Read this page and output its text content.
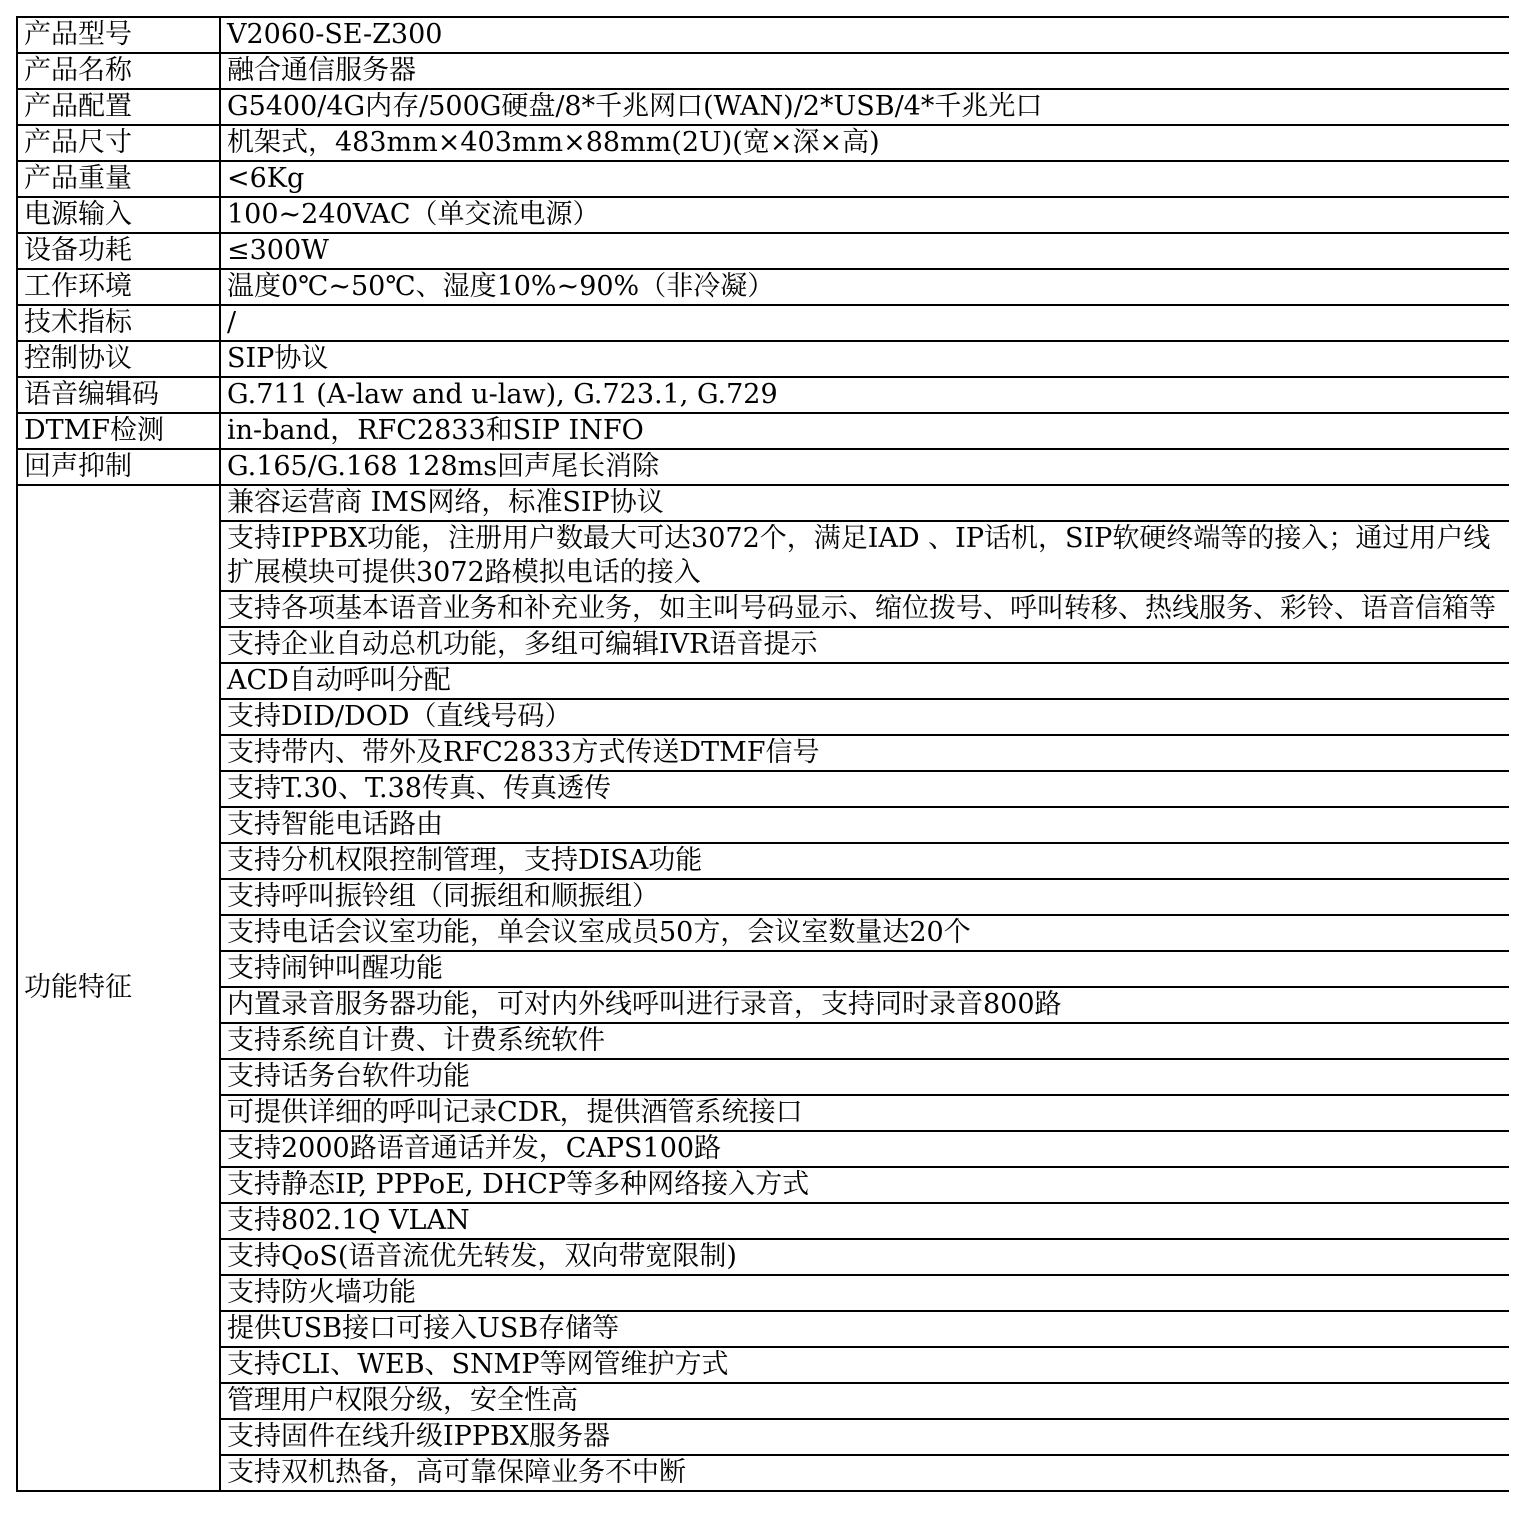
产品型号	V2060-SE-Z300
产品名称	融合通信服务器
产品配置	G5400/4G内存/500G硬盘/8*千兆网口(WAN)/2*USB/4*千兆光口
产品尺寸	机架式，483mm×403mm×88mm(2U)(宽×深×高)
产品重量	<6Kg
电源输入	100~240VAC（单交流电源）
设备功耗	≤300W
工作环境	温度0℃~50℃、湿度10%~90%（非冷凝）
技术指标	/
控制协议	SIP协议
语音编辑码	G.711 (A-law and u-law), G.723.1, G.729
DTMF检测	in-band，RFC2833和SIP INFO
回声抑制	G.165/G.168 128ms回声尾长消除
功能特征	兼容运营商 IMS网络，标准SIP协议
	支持IPPBX功能，注册用户数最大可达3072个，满足IAD 、IP话机，SIP软硬终端等的接入；通过用户线扩展模块可提供3072路模拟电话的接入
	支持各项基本语音业务和补充业务，如主叫号码显示、缩位拨号、呼叫转移、热线服务、彩铃、语音信箱等
	支持企业自动总机功能，多组可编辑IVR语音提示
	ACD自动呼叫分配
	支持DID/DOD（直线号码）
	支持带内、带外及RFC2833方式传送DTMF信号
	支持T.30、T.38传真、传真透传
	支持智能电话路由
	支持分机权限控制管理，支持DISA功能
	支持呼叫振铃组（同振组和顺振组）
	支持电话会议室功能，单会议室成员50方，会议室数量达20个
	支持闹钟叫醒功能
	内置录音服务器功能，可对内外线呼叫进行录音，支持同时录音800路
	支持系统自计费、计费系统软件
	支持话务台软件功能
	可提供详细的呼叫记录CDR，提供酒管系统接口
	支持2000路语音通话并发，CAPS100路
	支持静态IP, PPPoE, DHCP等多种网络接入方式
	支持802.1Q VLAN
	支持QoS(语音流优先转发，双向带宽限制)
	支持防火墙功能
	提供USB接口可接入USB存储等
	支持CLI、WEB、SNMP等网管维护方式
	管理用户权限分级，安全性高
	支持固件在线升级IPPBX服务器
	支持双机热备，高可靠保障业务不中断
